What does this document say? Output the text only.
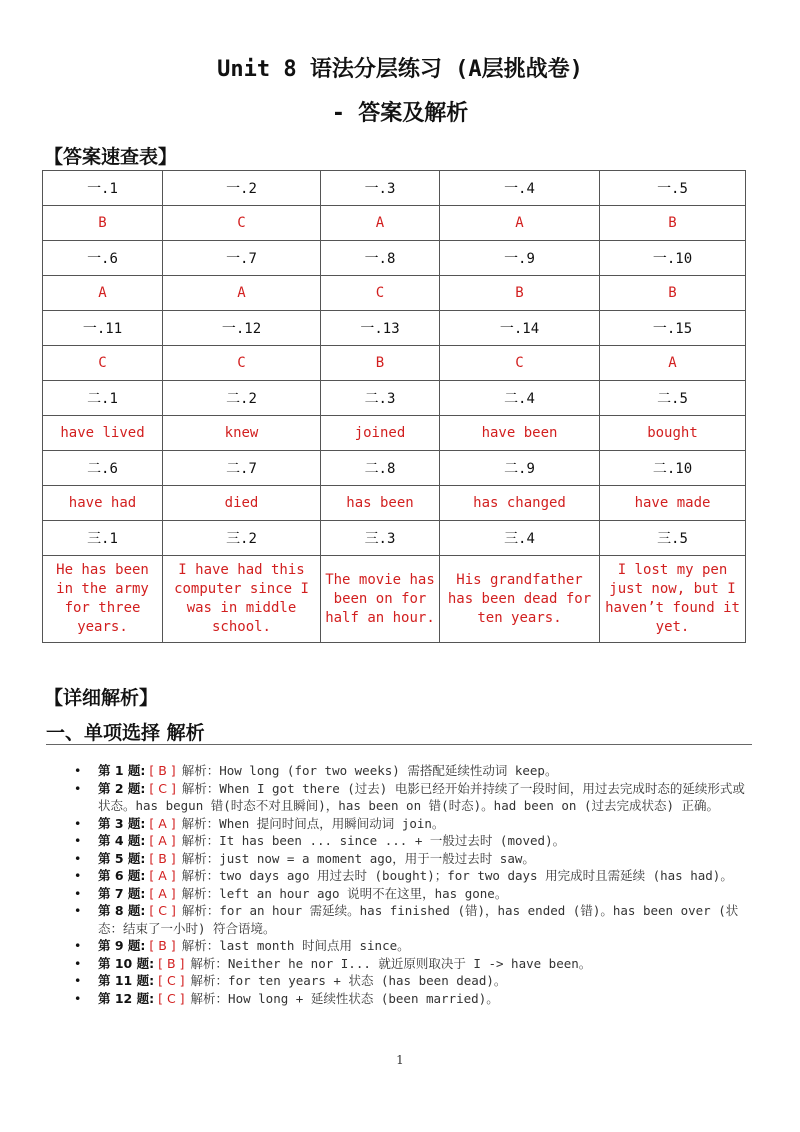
Unit 8 语法分层练习 (A层挑战卷)
- 答案及解析
【答案速查表】
一.1	一.2	一.3	一.4	一.5
B	C	A	A	B
一.6	一.7	一.8	一.9	一.10
A	A	C	B	B
一.11	一.12	一.13	一.14	一.15
C	C	B	C	A
二.1	二.2	二.3	二.4	二.5
have lived	knew	joined	have been	bought
二.6	二.7	二.8	二.9	二.10
have had	died	has been	has changed	have made
三.1	三.2	三.3	三.4	三.5
He has been in the army for three years.	I have had this computer since I was in middle school.	The movie has been on for half an hour.	His grandfather has been dead for ten years.	I lost my pen just now, but I haven’t found it yet.
【详细解析】
一、单项选择 解析
• 第 1 题: [ B ] 解析：How long (for two weeks) 需搭配延续性动词 keep。
• 第 2 题: [ C ] 解析：When I got there (过去) 电影已经开始并持续了一段时间，用过去完成时态的延续形式或状态。has begun 错(时态不对且瞬间)，has been on 错(时态)。had been on (过去完成状态) 正确。
• 第 3 题: [ A ] 解析：When 提问时间点，用瞬间动词 join。
• 第 4 题: [ A ] 解析：It has been ... since ... + 一般过去时 (moved)。
• 第 5 题: [ B ] 解析：just now = a moment ago，用于一般过去时 saw。
• 第 6 题: [ A ] 解析：two days ago 用过去时 (bought)；for two days 用完成时且需延续 (has had)。
• 第 7 题: [ A ] 解析：left an hour ago 说明不在这里，has gone。
• 第 8 题: [ C ] 解析：for an hour 需延续。has finished (错)，has ended (错)。has been over (状态：结束了一小时) 符合语境。
• 第 9 题: [ B ] 解析：last month 时间点用 since。
• 第 10 题: [ B ] 解析：Neither he nor I... 就近原则取决于 I -> have been。
• 第 11 题: [ C ] 解析：for ten years + 状态 (has been dead)。
• 第 12 题: [ C ] 解析：How long + 延续性状态 (been married)。
1
